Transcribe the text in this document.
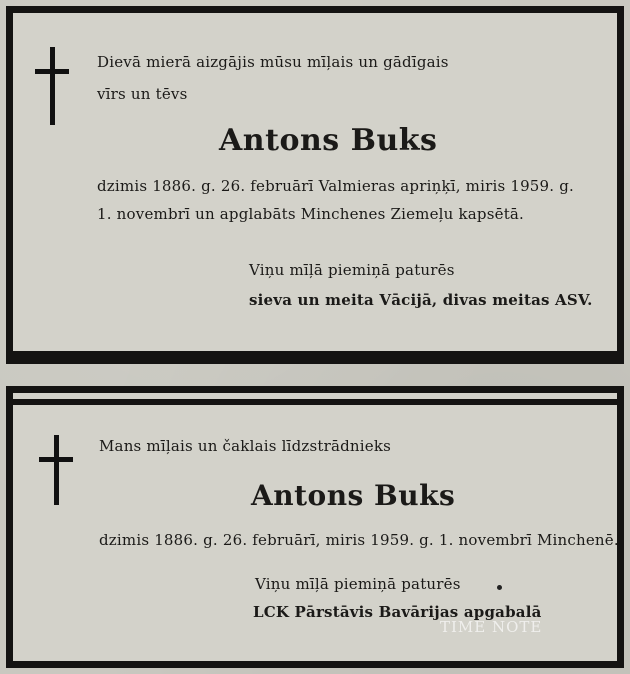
Dievā mierā aizgājis mūsu mīļais un gādīgais
vīrs un tēvs
Antons Buks
dzimis 1886. g. 26. februārī Valmieras apriņķī, miris 1959. g.
1. novembrī un apglabāts Minchenes Ziemeļu kapsētā.
Viņu mīļā piemiņā paturēs
sieva un meita Vācijā, divas meitas ASV.
Mans mīļais un čaklais līdzstrādnieks
Antons Buks
dzimis 1886. g. 26. februārī, miris 1959. g. 1. novembrī Minchenē.
Viņu mīļā piemiņā paturēs
LCK Pārstāvis Bavārijas apgabalā
TIME NOTE
